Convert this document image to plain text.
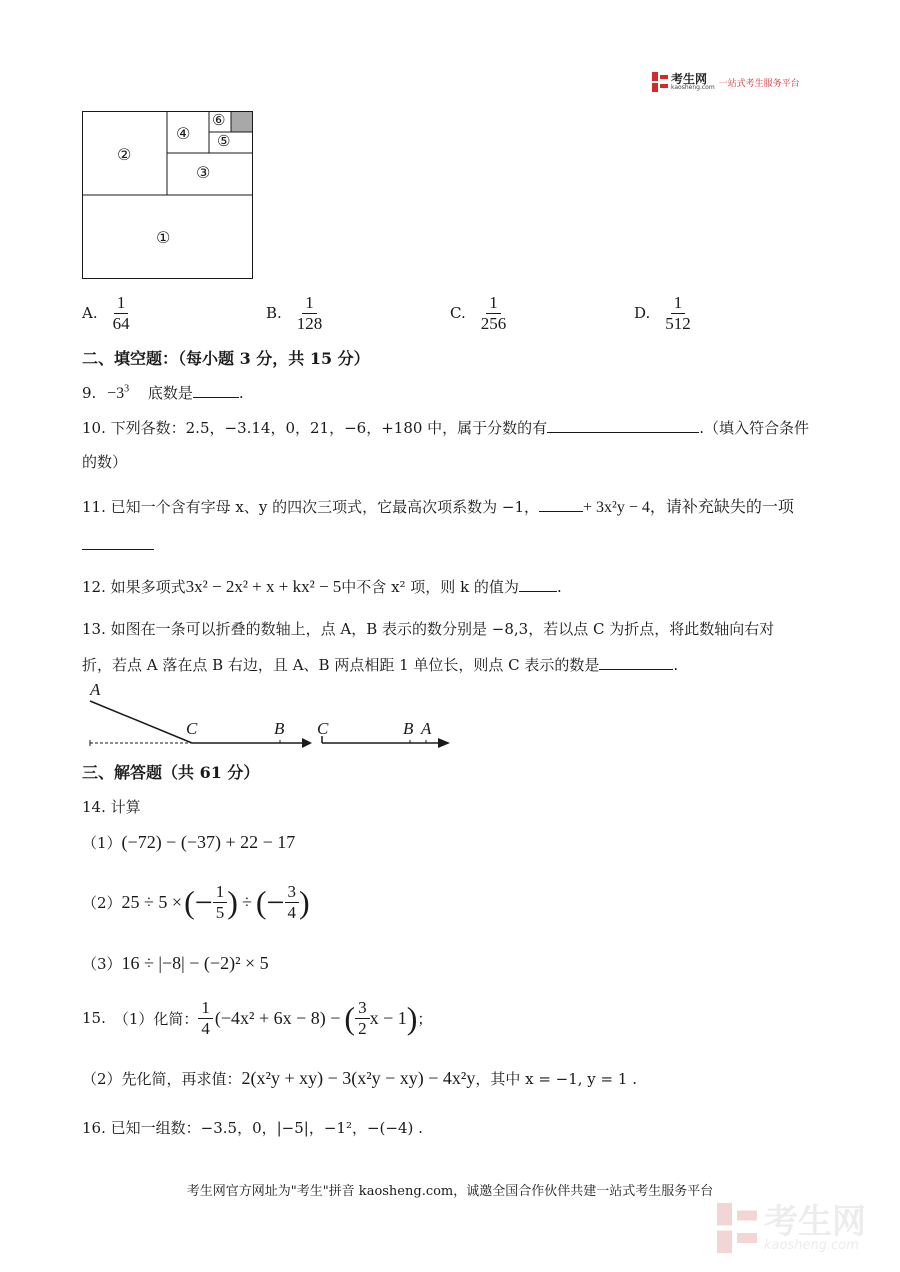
考生网
kaosheng.com 一站式考生服务平台
②
④
⑥
⑤
③
①
A. $\frac{1}{64}$	B. $\frac{1}{128}$	C. $\frac{1}{256}$	D. $\frac{1}{512}$
二、填空题：（每小题 3 分，共 15 分）
9. $-3^3$ 底数是	.
10. 下列各数：2.5，−3.14，0，21，−6，+180 中，属于分数的有	.（填入符合条件
的数）
11. 已知一个含有字母 x、y 的四次三项式，它最高次项系数为 −1，	+ 3x²y − 4，请补充缺失的一项
12. 如果多项式3x² − 2x² + x + kx² − 5中不含 x² 项，则 k 的值为	.
13. 如图在一条可以折叠的数轴上，点 A，B 表示的数分别是 −8,3，若以点 C 为折点，将此数轴向右对
折，若点 A 落在点 B 右边，且 A、B 两点相距 1 单位长，则点 C 表示的数是	.
A
C	B C	B A
三、解答题（共 61 分）
14. 计算
（1）(−72) − (−37) + 22 − 17
（2） 25 ÷ 5 × (− $\frac{1}{5}$ ) ÷ (− $\frac{3}{4}$ )
（3）16 ÷ |−8| − (−2)² × 5
15. （1）化简： $\frac{1}{4} (-4x^2 + 6x - 8)$ − ( $\frac{3}{2}$ x − 1 ) ；
（2）先化简，再求值：2(x²y + xy) − 3(x²y − xy) − 4x²y，其中 x = −1, y = 1 .
16. 已知一组数：−3.5，0，|−5|，−1²，−(−4) .
考生网官方网址为"考生"拼音 kaosheng.com，诚邀全国合作伙伴共建一站式考生服务平台
考生网
kaosheng.com
